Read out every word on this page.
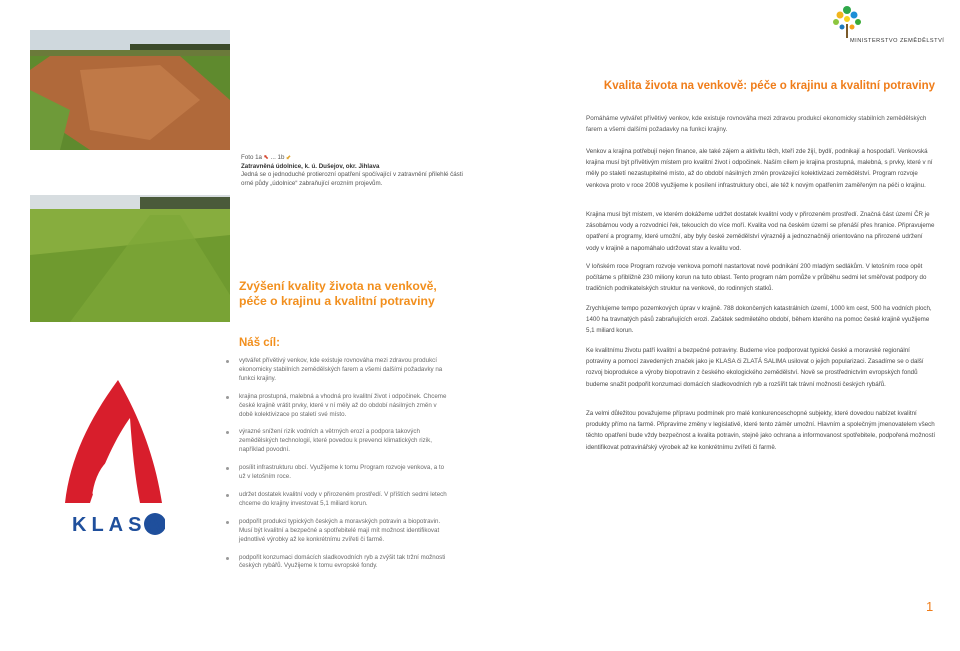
Foto 1a ⬉ ... 1b ⬋
Zatravněná údolnice, k. ú. Dušejov, okr. Jihlava
Jedná se o jednoduché protierozní opatření spočívající v zatravnění přilehlé části orné půdy „údolnice“ zabraňující erozním projevům.
MINISTERSTVO ZEMĚDĚLSTVÍ
KLASA
Kvalita života na venkově: péče o krajinu a kvalitní potraviny
Pomáháme vytvářet přívětivý venkov, kde existuje rovnováha mezi zdravou produkcí ekonomicky stabilních zemědělských farem a všemi dalšími požadavky na funkci krajiny.
Venkov a krajina potřebují nejen finance, ale také zájem a aktivitu těch, kteří zde žijí, bydlí, podnikají a hospodaří. Venkovská krajina musí být přívětivým místem pro kvalitní život i odpočinek. Naším cílem je krajina prostupná, malebná, s prvky, které v ní měly po staletí nezastupitelné místo, až do období násilných změn provázející kolektivizaci zemědělství. Program rozvoje venkova proto v roce 2008 využijeme k posílení infrastruktury obcí, ale též k novým opatřením zaměřeným na péči o krajinu.
Krajina musí být místem, ve kterém dokážeme udržet dostatek kvalitní vody v přirozeném prostředí. Značná část území ČR je zásobárnou vody a rozvodnicí řek, tekoucích do více moří. Kvalita vod na českém území se přenáší přes hranice. Připravujeme opatření a programy, které umožní, aby byly české zemědělství výrazněji a jednoznačněji orientováno na přirozené udržení vody v krajině a napomáhalo udržovat stav a kvalitu vod.
V loňském roce Program rozvoje venkova pomohl nastartovat nové podnikání 200 mladým sedlákům. V letošním roce opět počítáme s přibližně 230 miliony korun na tuto oblast. Tento program nám pomůže v průběhu sedmi let směřovat podpory do tradičních podnikatelských struktur na venkově, do rodinných statků.
Zrychlujeme tempo pozemkových úprav v krajině. 788 dokončených katastrálních území, 1000 km cest, 500 ha vodních ploch, 1400 ha travnatých pásů zabraňujících erozi. Začátek sedmiletého období, během kterého na pomoc české krajině využijeme 5,1 miliard korun.
Ke kvalitnímu životu patří kvalitní a bezpečné potraviny. Budeme více podporovat typické české a moravské regionální potraviny a pomocí zavedených značek jako je KLASA či ZLATÁ SALIMA usilovat o jejich popularizaci. Zasadíme se o další rozvoj bioprodukce a výroby biopotravin z českého ekologického zemědělství. Nově se prostřednictvím evropských fondů budeme snažit podpořit konzumaci domácích sladkovodních ryb a rozšířit tak trávní možnosti českých rybářů.
Za velmi důležitou považujeme přípravu podmínek pro malé konkurenceschopné subjekty, které dovedou nabízet kvalitní produkty přímo na farmě. Připravíme změny v legislativě, které tento záměr umožní. Hlavním a společným jmenovatelem všech těchto opatření bude vždy bezpečnost a kvalita potravin, stejně jako ochrana a informovanost spotřebitele, podpořená možností identifikovat potravinářský výrobek až ke konkrétnímu zvířeti či farmě.
Zvýšení kvality života na venkově, péče o krajinu a kvalitní potraviny
Náš cíl:
vytvářet přívětivý venkov, kde existuje rovnováha mezi zdravou produkcí ekonomicky stabilních zemědělských farem a všemi dalšími požadavky na funkci krajiny.
krajina prostupná, malebná a vhodná pro kvalitní život i odpočinek. Chceme české krajině vrátit prvky, které v ní měly až do období násilných změn v době kolektivizace po staletí své místo.
výrazné snížení rizik vodních a větrných erozí a podpora takových zemědělských technologií, které povedou k prevenci klimatických rizik, například povodní.
posílit infrastrukturu obcí. Využijeme k tomu Program rozvoje venkova, a to už v letošním roce.
udržet dostatek kvalitní vody v přirozeném prostředí. V příštích sedmi letech chceme do krajiny investovat 5,1 miliard korun.
podpořit produkci typických českých a moravských potravin a biopotravin. Musí být kvalitní a bezpečné a spotřebitelé mají mít možnost identifikovat jednotlivé výrobky až ke konkrétnímu zvířeti či farmě.
podpořit konzumaci domácích sladkovodních ryb a zvýšit tak tržní možnosti českých rybářů. Využijeme k tomu evropské fondy.
1
